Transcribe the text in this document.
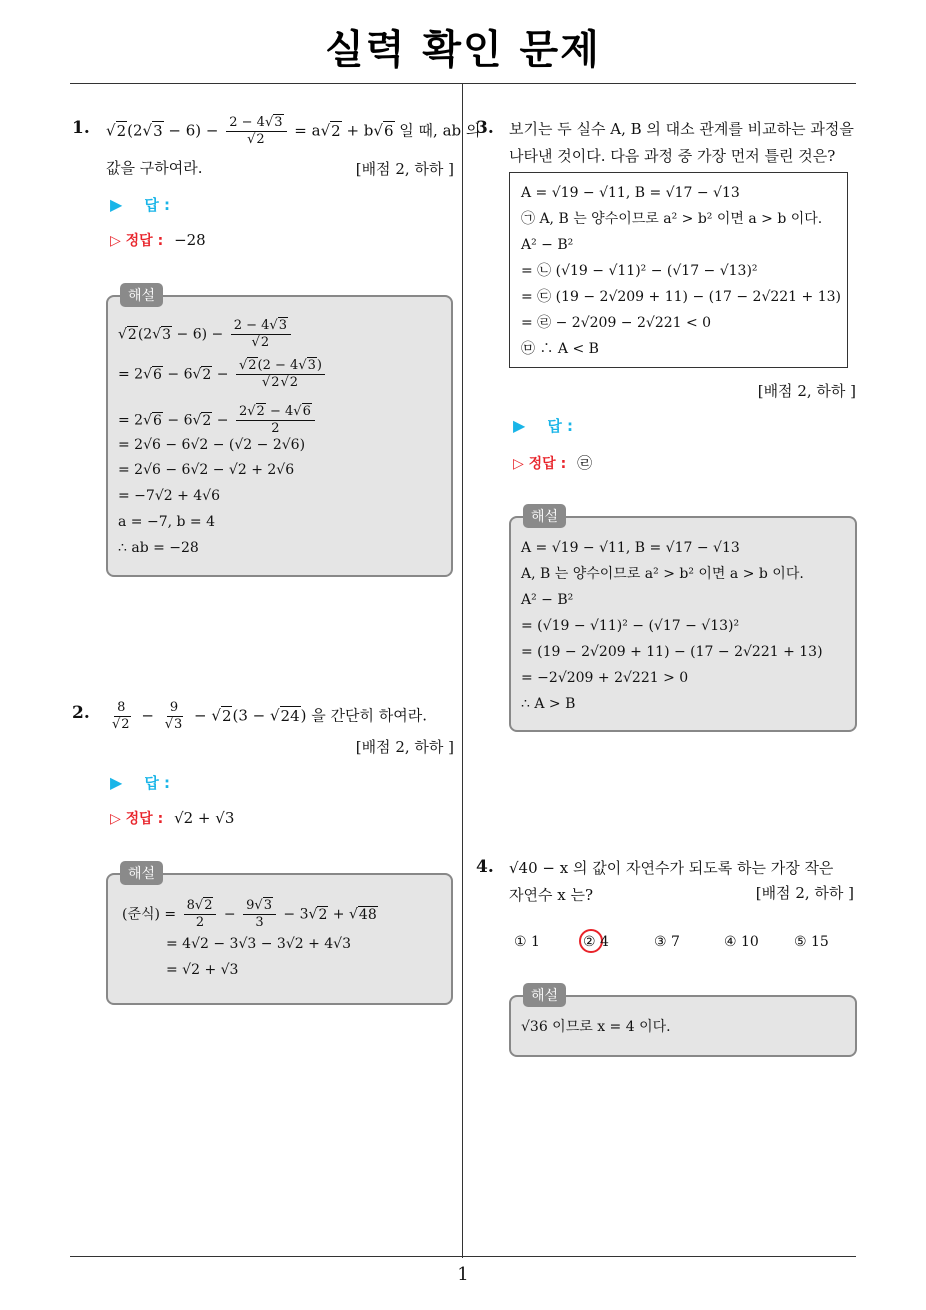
실력 확인 문제
1
1. $√2(2√3 - 6) - \frac{2 - 4√3}{√2} = a√2 + b√6$ 일 때, ab 의
값을 구하여라.	[배점 2, 하하 ]
▶ 답 :
▷ 정답 : −28
해설
$√2(2√3 - 6) - \frac{2 - 4√3}{√2}$
= $2√6 - 6√2 - \frac{√2(2 - 4√3)}{√2√2}$
= $2√6 - 6√2 - \frac{2√2 - 4√6}{2}$
= 2√6 − 6√2 − (√2 − 2√6)
= 2√6 − 6√2 − √2 + 2√6
= −7√2 + 4√6
a = −7, b = 4
∴ ab = −28
2. $\frac{8}{√2} - \frac{9}{√3} - √2(3 - √24)$ 을 간단히 하여라.
[배점 2, 하하 ]
▶ 답 :
▷ 정답 : √2 + √3
해설
(준식) = $\frac{8√2}{2} - \frac{9√3}{3} - 3√2 + √48$
= 4√2 − 3√3 − 3√2 + 4√3
= √2 + √3
3. 보기는 두 실수 A, B 의 대소 관계를 비교하는 과정을
나타낸 것이다. 다음 과정 중 가장 먼저 틀린 것은?
A = √19 − √11, B = √17 − √13
㉠ A, B 는 양수이므로 a² > b² 이면 a > b 이다.
A² − B²
= ㉡ (√19 − √11)² − (√17 − √13)²
= ㉢ (19 − 2√209 + 11) − (17 − 2√221 + 13)
= ㉣ − 2√209 − 2√221 < 0
㉤ ∴ A < B
[배점 2, 하하 ]
▶ 답 :
▷ 정답 : ㉣
해설
A = √19 − √11, B = √17 − √13
A, B 는 양수이므로 a² > b² 이면 a > b 이다.
A² − B²
= (√19 − √11)² − (√17 − √13)²
= (19 − 2√209 + 11) − (17 − 2√221 + 13)
= −2√209 + 2√221 > 0
∴ A > B
4. √40 − x 의 값이 자연수가 되도록 하는 가장 작은
자연수 x 는?	[배점 2, 하하 ]
① 1	② 4	③ 7	④ 10	⑤ 15
해설
√36 이므로 x = 4 이다.
